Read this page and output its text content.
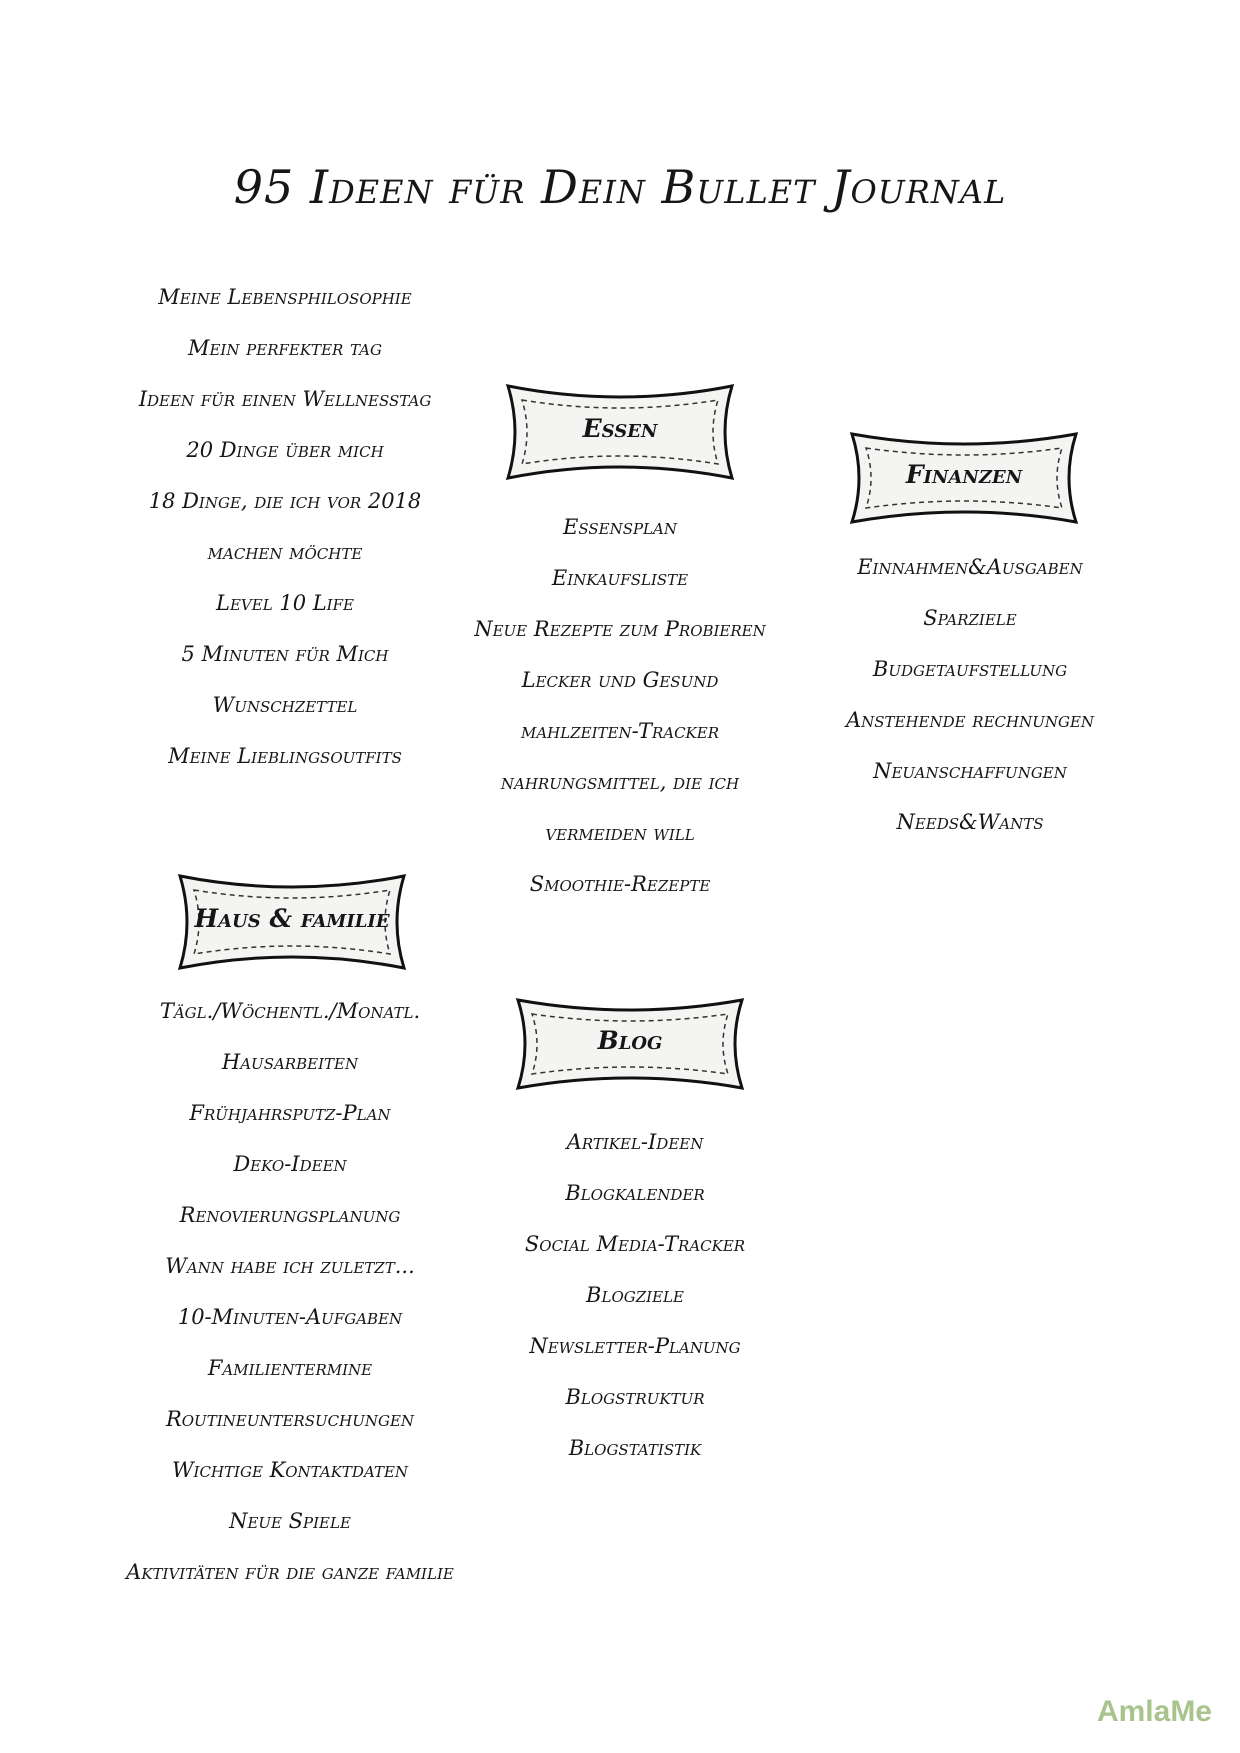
95 Ideen für Dein Bullet Journal
Meine Lebensphilosophie
Mein perfekter tag
Ideen für einen Wellnesstag
20 Dinge über mich
18 Dinge, die ich vor 2018
machen möchte
Level 10 Life
5 Minuten für Mich
Wunschzettel
Meine Lieblingsoutfits
Essen
Essensplan
Einkaufsliste
Neue Rezepte zum Probieren
Lecker und Gesund
mahlzeiten-Tracker
nahrungsmittel, die ich
vermeiden will
Smoothie-Rezepte
Finanzen
Einnahmen&Ausgaben
Sparziele
Budgetaufstellung
Anstehende rechnungen
Neuanschaffungen
Needs&Wants
Haus & familie
Tägl./Wöchentl./Monatl.
Hausarbeiten
Frühjahrsputz-Plan
Deko-Ideen
Renovierungsplanung
Wann habe ich zuletzt...
10-Minuten-Aufgaben
Familientermine
Routineuntersuchungen
Wichtige Kontaktdaten
Neue Spiele
Aktivitäten für die ganze familie
Blog
Artikel-Ideen
Blogkalender
Social Media-Tracker
Blogziele
Newsletter-Planung
Blogstruktur
Blogstatistik
AmlaMe
